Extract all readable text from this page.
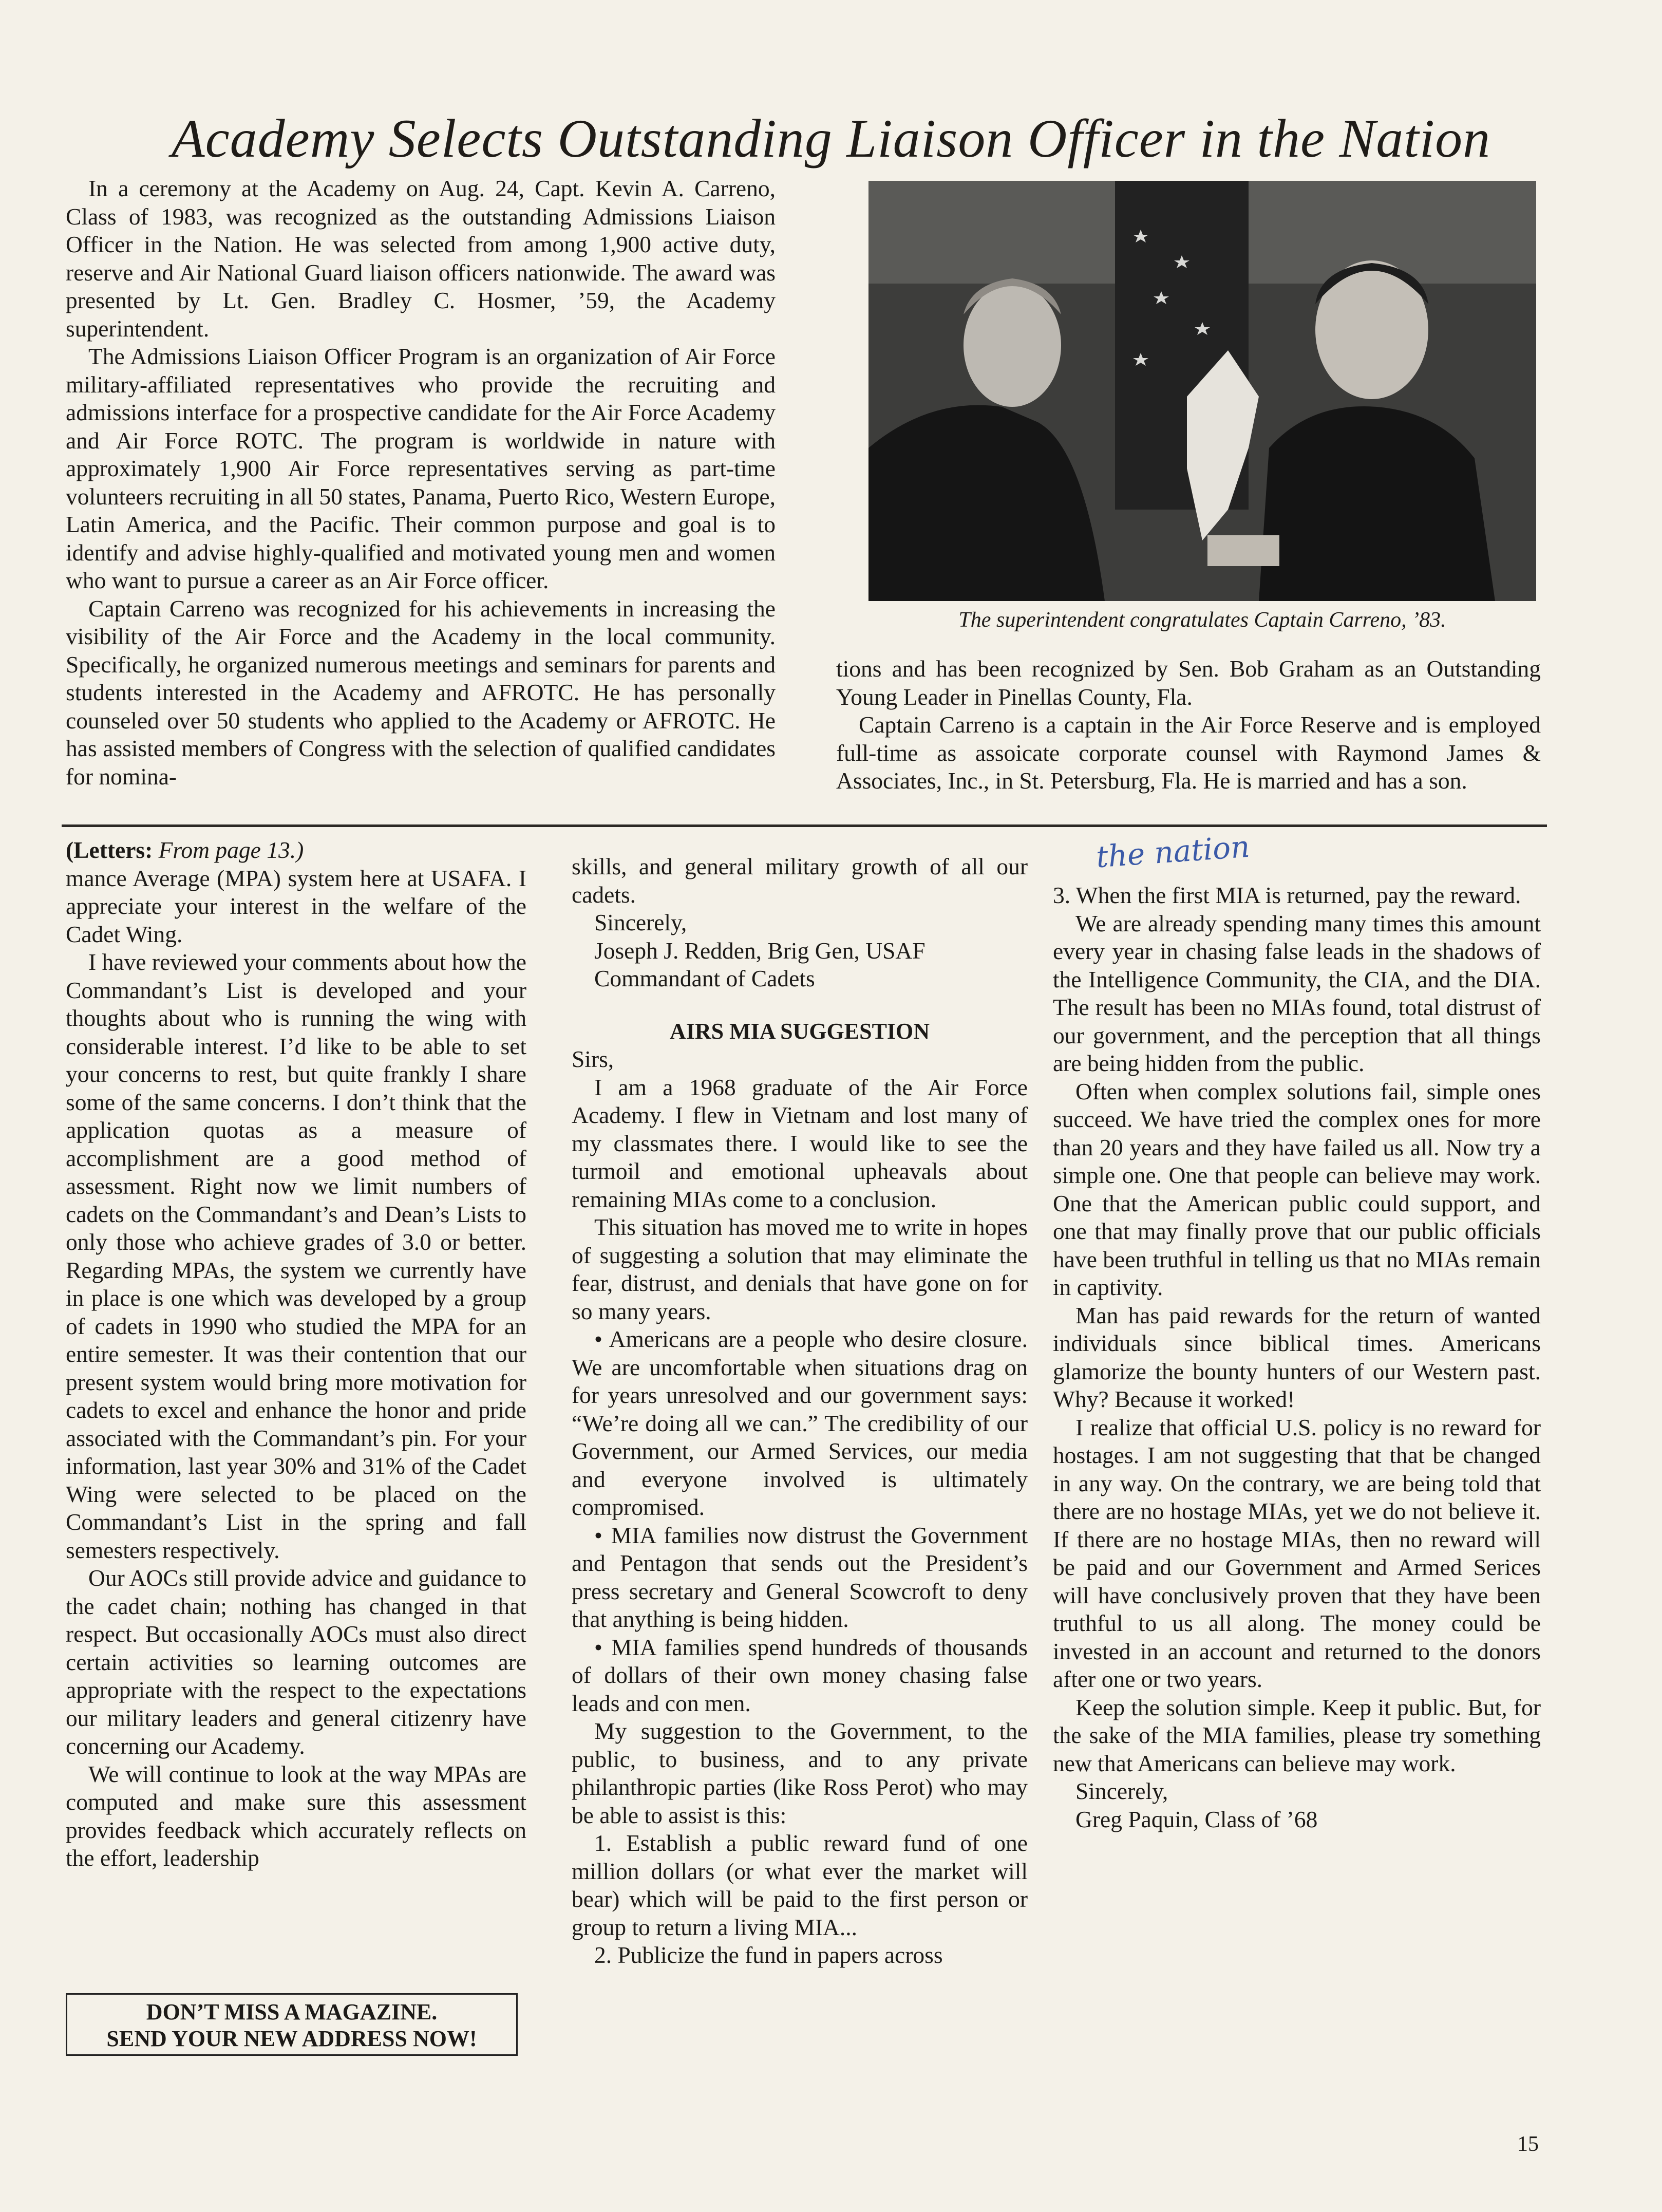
Academy Selects Outstanding Liaison Officer in the Nation

In a ceremony at the Academy on Aug. 24, Capt. Kevin A. Carreno, Class of 1983, was recognized as the outstanding Admissions Liaison Officer in the Nation. He was selected from among 1,900 active duty, reserve and Air National Guard liaison officers nationwide. The award was presented by Lt. Gen. Bradley C. Hosmer, ’59, the Academy superintendent.

The Admissions Liaison Officer Program is an organization of Air Force military-affiliated representatives who provide the recruiting and admissions interface for a prospective candidate for the Air Force Academy and Air Force ROTC. The program is worldwide in nature with approximately 1,900 Air Force representatives serving as part-time volunteers recruiting in all 50 states, Panama, Puerto Rico, Western Europe, Latin America, and the Pacific. Their common purpose and goal is to identify and advise highly-qualified and motivated young men and women who want to pursue a career as an Air Force officer.

Captain Carreno was recognized for his achievements in increasing the visibility of the Air Force and the Academy in the local community. Specifically, he organized numerous meetings and seminars for parents and students interested in the Academy and AFROTC. He has personally counseled over 50 students who applied to the Academy or AFROTC. He has assisted members of Congress with the selection of qualified candidates for nomina-

The superintendent congratulates Captain Carreno, ’83.

tions and has been recognized by Sen. Bob Graham as an Outstanding Young Leader in Pinellas County, Fla.

Captain Carreno is a captain in the Air Force Reserve and is employed full-time as assoicate corporate counsel with Raymond James & Associates, Inc., in St. Petersburg, Fla. He is married and has a son.

(Letters: From page 13.)

mance Average (MPA) system here at USAFA. I appreciate your interest in the welfare of the Cadet Wing.

I have reviewed your comments about how the Commandant’s List is developed and your thoughts about who is running the wing with considerable interest. I’d like to be able to set your concerns to rest, but quite frankly I share some of the same concerns. I don’t think that the application quotas as a measure of accomplishment are a good method of assessment. Right now we limit numbers of cadets on the Commandant’s and Dean’s Lists to only those who achieve grades of 3.0 or better. Regarding MPAs, the system we currently have in place is one which was developed by a group of cadets in 1990 who studied the MPA for an entire semester. It was their contention that our present system would bring more motivation for cadets to excel and enhance the honor and pride associated with the Commandant’s pin. For your information, last year 30% and 31% of the Cadet Wing were selected to be placed on the Commandant’s List in the spring and fall semesters respectively.

Our AOCs still provide advice and guidance to the cadet chain; nothing has changed in that respect. But occasionally AOCs must also direct certain activities so learning outcomes are appropriate with the respect to the expectations our military leaders and general citizenry have concerning our Academy.

We will continue to look at the way MPAs are computed and make sure this assessment provides feedback which accurately reflects on the effort, leadership

DON’T MISS A MAGAZINE.
SEND YOUR NEW ADDRESS NOW!

skills, and general military growth of all our cadets.

Sincerely,

Joseph J. Redden, Brig Gen, USAF

Commandant of Cadets

AIRS MIA SUGGESTION

Sirs,

I am a 1968 graduate of the Air Force Academy. I flew in Vietnam and lost many of my classmates there. I would like to see the turmoil and emotional upheavals about remaining MIAs come to a conclusion.

This situation has moved me to write in hopes of suggesting a solution that may eliminate the fear, distrust, and denials that have gone on for so many years.

• Americans are a people who desire closure. We are uncomfortable when situations drag on for years unresolved and our government says: “We’re doing all we can.” The credibility of our Government, our Armed Services, our media and everyone involved is ultimately compromised.

• MIA families now distrust the Government and Pentagon that sends out the President’s press secretary and General Scowcroft to deny that anything is being hidden.

• MIA families spend hundreds of thousands of dollars of their own money chasing false leads and con men.

My suggestion to the Government, to the public, to business, and to any private philanthropic parties (like Ross Perot) who may be able to assist is this:

1. Establish a public reward fund of one million dollars (or what ever the market will bear) which will be paid to the first person or group to return a living MIA...

2. Publicize the fund in papers across

the nation

3. When the first MIA is returned, pay the reward.

We are already spending many times this amount every year in chasing false leads in the shadows of the Intelligence Community, the CIA, and the DIA. The result has been no MIAs found, total distrust of our government, and the perception that all things are being hidden from the public.

Often when complex solutions fail, simple ones succeed. We have tried the complex ones for more than 20 years and they have failed us all. Now try a simple one. One that people can believe may work. One that the American public could support, and one that may finally prove that our public officials have been truthful in telling us that no MIAs remain in captivity.

Man has paid rewards for the return of wanted individuals since biblical times. Americans glamorize the bounty hunters of our Western past. Why? Because it worked!

I realize that official U.S. policy is no reward for hostages. I am not suggesting that that be changed in any way. On the contrary, we are being told that there are no hostage MIAs, yet we do not believe it. If there are no hostage MIAs, then no reward will be paid and our Government and Armed Serices will have conclusively proven that they have been truthful to us all along. The money could be invested in an account and returned to the donors after one or two years.

Keep the solution simple. Keep it public. But, for the sake of the MIA families, please try something new that Americans can believe may work.

Sincerely,

Greg Paquin, Class of ’68

15
